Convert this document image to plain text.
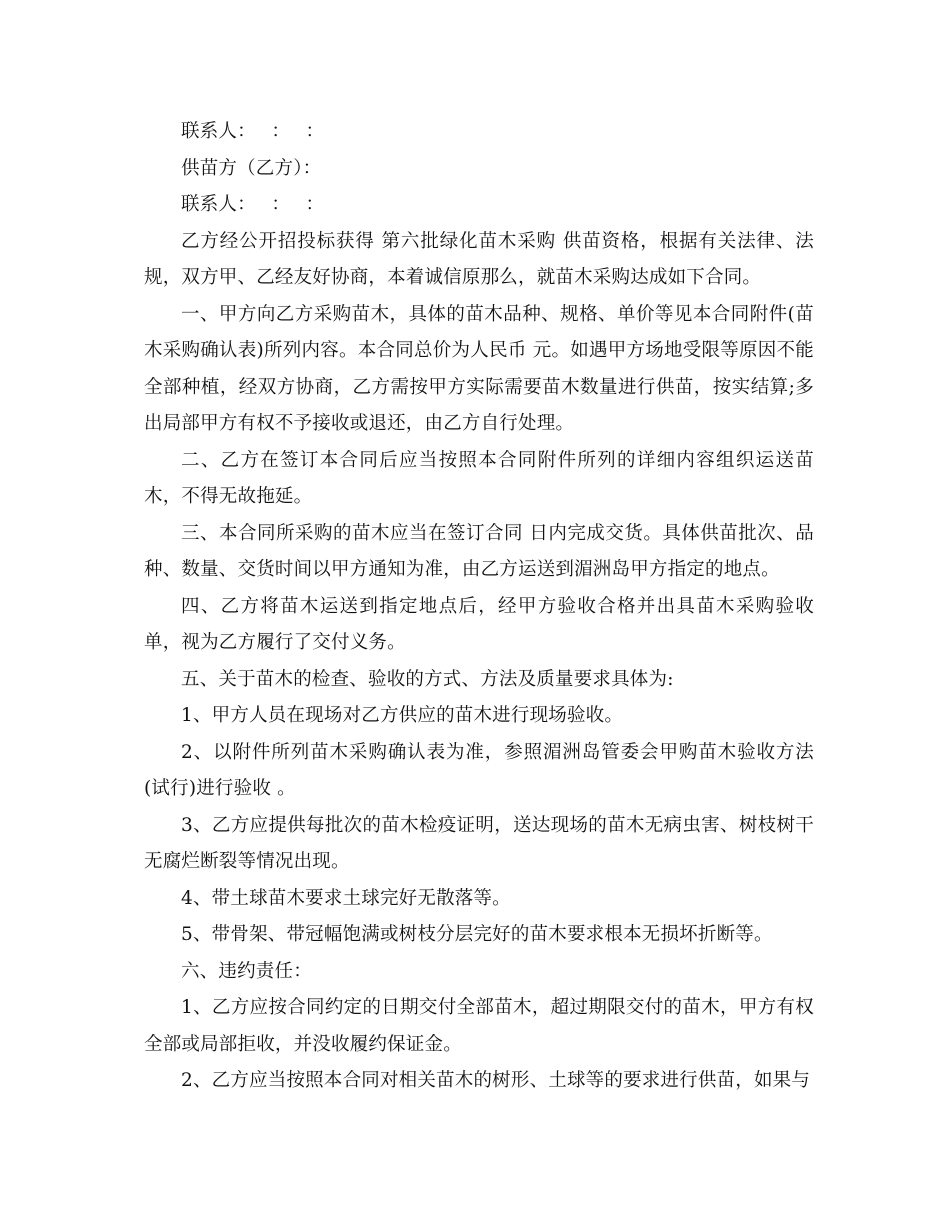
联系人：　 ：　 ：

供苗方（乙方）：

联系人：　 ：　 ：

乙方经公开招投标获得 第六批绿化苗木采购 供苗资格，根据有关法律、法规，双方甲、乙经友好协商，本着诚信原那么，就苗木采购达成如下合同。

一、甲方向乙方采购苗木，具体的苗木品种、规格、单价等见本合同附件(苗木采购确认表)所列内容。本合同总价为人民币 元。如遇甲方场地受限等原因不能全部种植，经双方协商，乙方需按甲方实际需要苗木数量进行供苗，按实结算;多出局部甲方有权不予接收或退还，由乙方自行处理。

二、乙方在签订本合同后应当按照本合同附件所列的详细内容组织运送苗木，不得无故拖延。

三、本合同所采购的苗木应当在签订合同 日内完成交货。具体供苗批次、品种、数量、交货时间以甲方通知为准，由乙方运送到湄洲岛甲方指定的地点。

四、乙方将苗木运送到指定地点后，经甲方验收合格并出具苗木采购验收单，视为乙方履行了交付义务。

五、关于苗木的检查、验收的方式、方法及质量要求具体为:

1、甲方人员在现场对乙方供应的苗木进行现场验收。

2、以附件所列苗木采购确认表为准，参照湄洲岛管委会甲购苗木验收方法(试行)进行验收 。

3、乙方应提供每批次的苗木检疫证明，送达现场的苗木无病虫害、树枝树干无腐烂断裂等情况出现。

4、带土球苗木要求土球完好无散落等。

5、带骨架、带冠幅饱满或树枝分层完好的苗木要求根本无损坏折断等。

六、违约责任：

1、乙方应按合同约定的日期交付全部苗木，超过期限交付的苗木，甲方有权全部或局部拒收，并没收履约保证金。

2、乙方应当按照本合同对相关苗木的树形、土球等的要求进行供苗，如果与
